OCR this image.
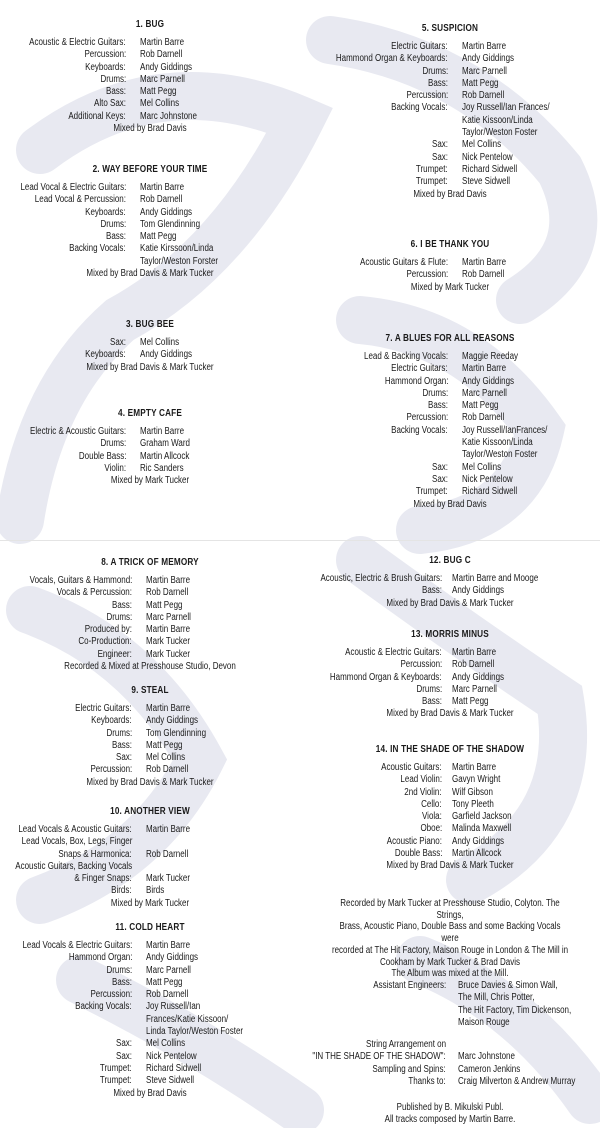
1. BUG
Acoustic & Electric Guitars: Martin Barre
Percussion: Rob Darnell
Keyboards: Andy Giddings
Drums: Marc Parnell
Bass: Matt Pegg
Alto Sax: Mel Collins
Additional Keys: Marc Johnstone
Mixed by Brad Davis
2. WAY BEFORE YOUR TIME
Lead Vocal & Electric Guitars: Martin Barre
Lead Vocal & Percussion: Rob Darnell
Keyboards: Andy Giddings
Drums: Tom Glendinning
Bass: Matt Pegg
Backing Vocals: Katie Kirssoon/Linda
Taylor/Weston Forster
Mixed by Brad Davis & Mark Tucker
3. BUG BEE
Sax: Mel Collins
Keyboards: Andy Giddings
Mixed by Brad Davis & Mark Tucker
4. EMPTY CAFE
Electric & Acoustic Guitars: Martin Barre
Drums: Graham Ward
Double Bass: Martin Allcock
Violin: Ric Sanders
Mixed by Mark Tucker
5. SUSPICION
Electric Guitars: Martin Barre
Hammond Organ & Keyboards: Andy Giddings
Drums: Marc Parnell
Bass: Matt Pegg
Percussion: Rob Darnell
Backing Vocals: Joy Russell/Ian Frances/
Katie Kissoon/Linda
Taylor/Weston Foster
Sax: Mel Collins
Sax: Nick Pentelow
Trumpet: Richard Sidwell
Trumpet: Steve Sidwell
Mixed by Brad Davis
6. I BE THANK YOU
Acoustic Guitars & Flute: Martin Barre
Percussion: Rob Darnell
Mixed by Mark Tucker
7. A BLUES FOR ALL REASONS
Lead & Backing Vocals: Maggie Reeday
Electric Guitars: Martin Barre
Hammond Organ: Andy Giddings
Drums: Marc Parnell
Bass: Matt Pegg
Percussion: Rob Darnell
Backing Vocals: Joy Russell/IanFrances/
Katie Kissoon/Linda
Taylor/Weston Foster
Sax: Mel Collins
Sax: Nick Pentelow
Trumpet: Richard Sidwell
Mixed by Brad Davis
8. A TRICK OF MEMORY
Vocals, Guitars & Hammond: Martin Barre
Vocals & Percussion: Rob Darnell
Bass: Matt Pegg
Drums: Marc Parnell
Produced by: Martin Barre
Co-Production: Mark Tucker
Engineer: Mark Tucker
Recorded & Mixed at Presshouse Studio, Devon
9. STEAL
Electric Guitars: Martin Barre
Keyboards: Andy Giddings
Drums: Tom Glendinning
Bass: Matt Pegg
Sax: Mel Collins
Percussion: Rob Darnell
Mixed by Brad Davis & Mark Tucker
10. ANOTHER VIEW
Lead Vocals & Acoustic Guitars: Martin Barre
Lead Vocals, Box, Legs, Finger
Snaps & Harmonica: Rob Darnell
Acoustic Guitars, Backing Vocals
& Finger Snaps: Mark Tucker
Birds: Birds
Mixed by Mark Tucker
11. COLD HEART
Lead Vocals & Electric Guitars: Martin Barre
Hammond Organ: Andy Giddings
Drums: Marc Parnell
Bass: Matt Pegg
Percussion: Rob Darnell
Backing Vocals: Joy Russell/Ian
Frances/Katie Kissoon/
Linda Taylor/Weston Foster
Sax: Mel Collins
Sax: Nick Pentelow
Trumpet: Richard Sidwell
Trumpet: Steve Sidwell
Mixed by Brad Davis
12. BUG C
Acoustic, Electric & Brush Guitars: Martin Barre and Mooge
Bass: Andy Giddings
Mixed by Brad Davis & Mark Tucker
13. MORRIS MINUS
Acoustic & Electric Guitars: Martin Barre
Percussion: Rob Darnell
Hammond Organ & Keyboards: Andy Giddings
Drums: Marc Parnell
Bass: Matt Pegg
Mixed by Brad Davis & Mark Tucker
14. IN THE SHADE OF THE SHADOW
Acoustic Guitars: Martin Barre
Lead Violin: Gavyn Wright
2nd Violin: Wilf Gibson
Cello: Tony Pleeth
Viola: Garfield Jackson
Oboe: Malinda Maxwell
Acoustic Piano: Andy Giddings
Double Bass: Martin Allcock
Mixed by Brad Davis & Mark Tucker
Recorded by Mark Tucker at Presshouse Studio, Colyton. The Strings,
Brass, Acoustic Piano, Double Bass and some Backing Vocals were
recorded at The Hit Factory, Maison Rouge in London & The Mill in
Cookham by Mark Tucker & Brad Davis
The Album was mixed at the Mill.
Assistant Engineers: Bruce Davies & Simon Wall,
The Mill, Chris Potter,
The Hit Factory, Tim Dickenson,
Maison Rouge
String Arrangement on
"IN THE SHADE OF THE SHADOW": Marc Johnstone
Sampling and Spins: Cameron Jenkins
Thanks to: Craig Milverton & Andrew Murray
Published by B. Mikulski Publ.
All tracks composed by Martin Barre.
